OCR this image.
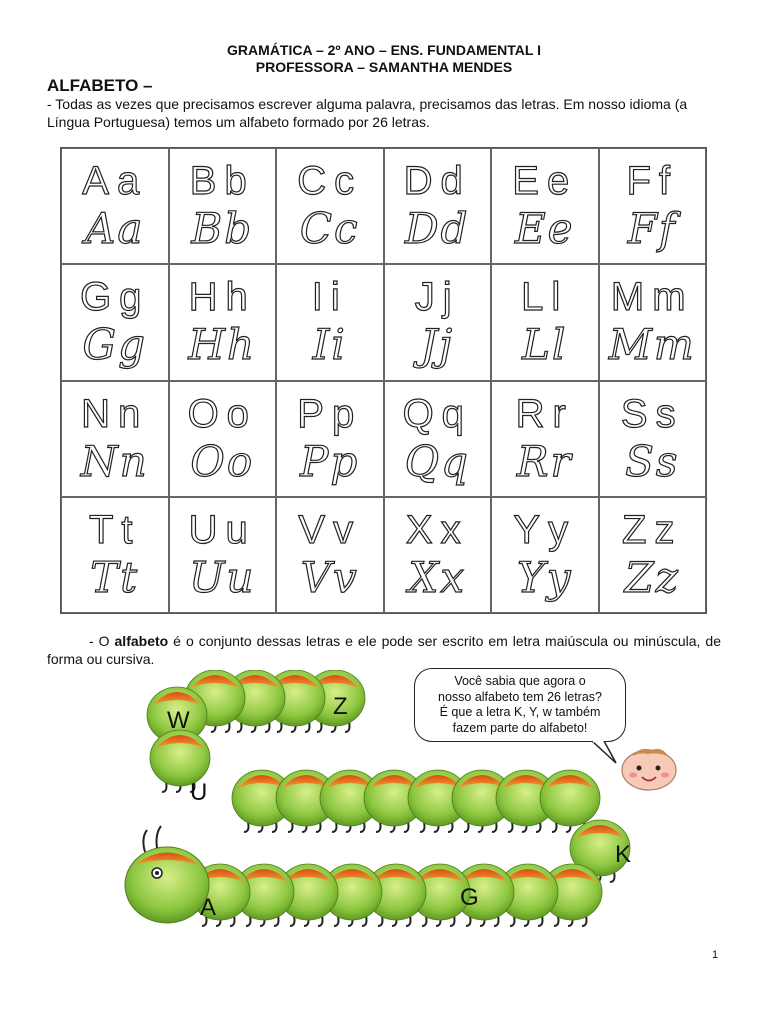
GRAMÁTICA – 2º ANO – ENS. FUNDAMENTAL I
PROFESSORA – SAMANTHA MENDES
ALFABETO –
- Todas as vezes que precisamos escrever alguma palavra, precisamos das letras. Em nosso idioma (a Língua Portuguesa) temos um alfabeto formado por 26 letras.
Aa
Aa
Bb
Bb
Cc
Cc
Dd
Dd
Ee
Ee
Ff
Ff
Gg
Gg
Hh
Hh
Ii
Ii
Jj
Jj
Ll
Ll
Mm
Mm
Nn
Nn
Oo
Oo
Pp
Pp
Qq
Qq
Rr
Rr
Ss
Ss
Tt
Tt
Uu
Uu
Vv
Vv
Xx
Xx
Yy
Yy
Zz
Zz
- O alfabeto é o conjunto dessas letras e ele pode ser escrito em letra maiúscula ou minúscula, de forma ou cursiva.
W
Z
U
K
A	G
Você sabia que agora o
nosso alfabeto tem 26 letras?
É que a letra K, Y, w também
fazem parte do alfabeto!
1
